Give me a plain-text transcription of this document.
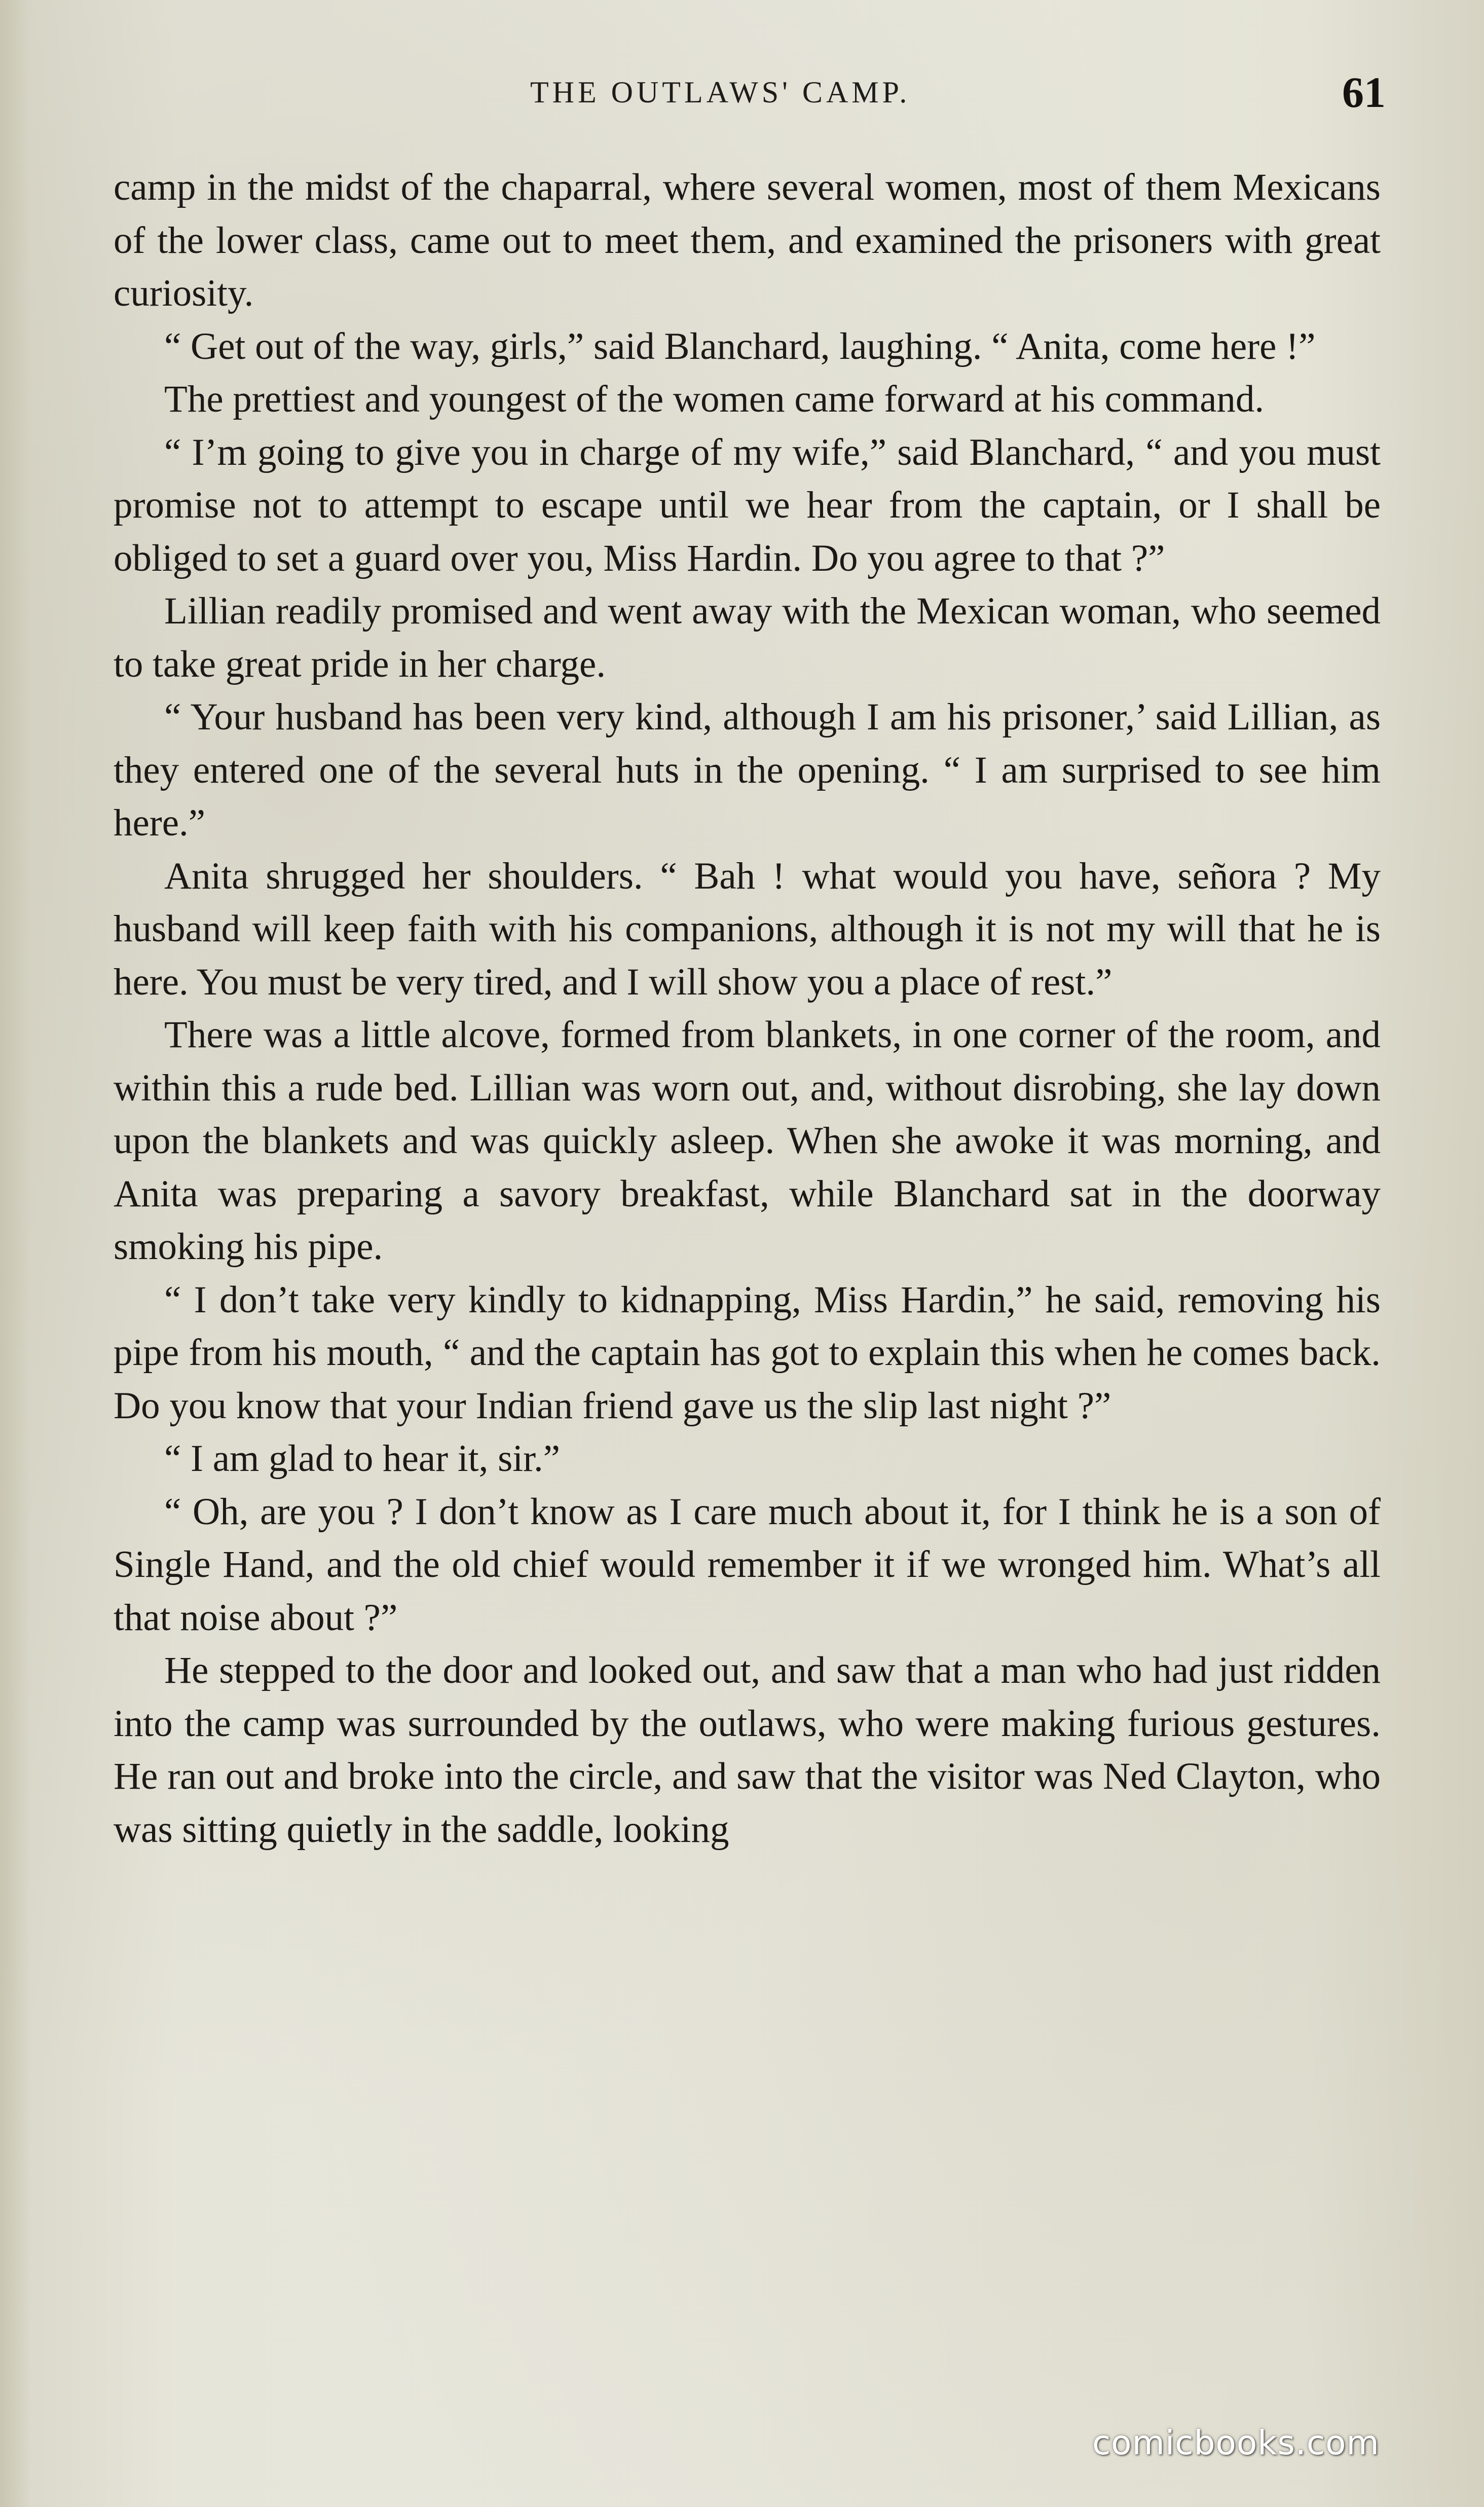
THE OUTLAWS' CAMP.	61

camp in the midst of the chaparral, where several women, most of them Mexicans of the lower class, came out to meet them, and examined the prisoners with great curiosity.

“ Get out of the way, girls,” said Blanchard, laughing. “ Anita, come here !”

The prettiest and youngest of the women came forward at his command.

“ I’m going to give you in charge of my wife,” said Blanchard, “ and you must promise not to attempt to escape until we hear from the captain, or I shall be obliged to set a guard over you, Miss Hardin. Do you agree to that ?”

Lillian readily promised and went away with the Mexican woman, who seemed to take great pride in her charge.

“ Your husband has been very kind, although I am his prisoner,’ said Lillian, as they entered one of the several huts in the opening. “ I am surprised to see him here.”

Anita shrugged her shoulders. “ Bah ! what would you have, señora ? My husband will keep faith with his companions, although it is not my will that he is here. You must be very tired, and I will show you a place of rest.”

There was a little alcove, formed from blankets, in one corner of the room, and within this a rude bed. Lillian was worn out, and, without disrobing, she lay down upon the blankets and was quickly asleep. When she awoke it was morning, and Anita was preparing a savory breakfast, while Blanchard sat in the doorway smoking his pipe.

“ I don’t take very kindly to kidnapping, Miss Hardin,” he said, removing his pipe from his mouth, “ and the captain has got to explain this when he comes back. Do you know that your Indian friend gave us the slip last night ?”

“ I am glad to hear it, sir.”

“ Oh, are you ? I don’t know as I care much about it, for I think he is a son of Single Hand, and the old chief would remember it if we wronged him. What’s all that noise about ?”

He stepped to the door and looked out, and saw that a man who had just ridden into the camp was surrounded by the outlaws, who were making furious gestures. He ran out and broke into the circle, and saw that the visitor was Ned Clayton, who was sitting quietly in the saddle, looking

comicbooks.com
